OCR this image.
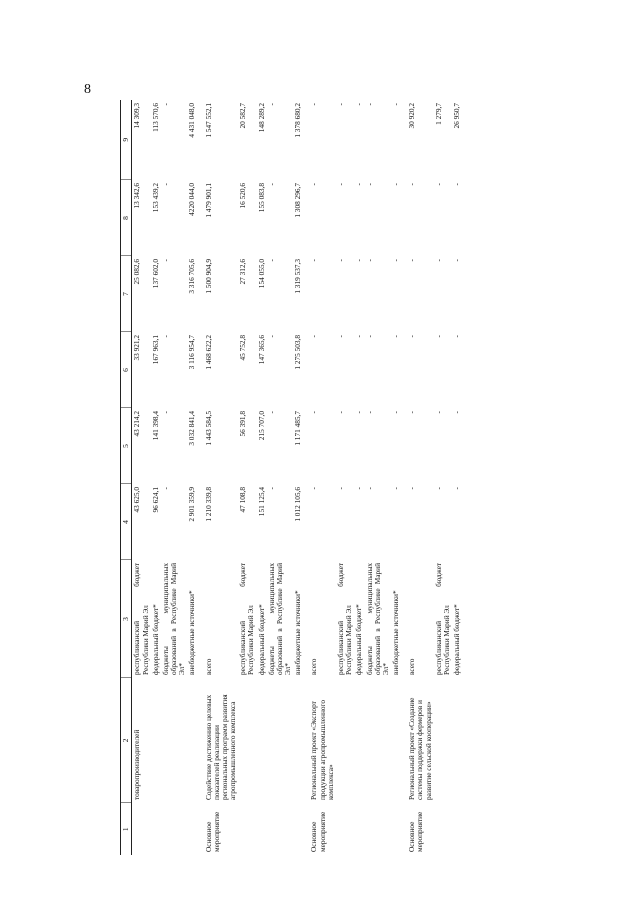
8
1	2	3	4	5	6	7	8	9
	товаропроизводителей	республиканский бюджет Республики Марий Эл	43 625,0	43 214,2	33 921,2	25 082,6	13 342,6	14 309,3
		федеральный бюджет*	96 624,1	141 398,4	167 963,1	137 602,0	153 439,2	113 570,6
		бюджеты муниципальных образований в Республике Марий Эл*	-	-	-	-	-	-
		внебюджетные источники*	2 901 359,9	3 032 841,4	3 116 954,7	3 316 705,6	4220 044,0	4 431 048,0

Основное мероприятие	Содействие достижению целевых показателей реализации региональных программ развития агропромышленного комплекса	всего	1 210 339,8	1 443 584,5	1 468 622,2	1 500 904,9	1 479 901,1	1 547 552,1
		республиканский бюджет Республики Марий Эл	47 108,8	56 391,8	45 752,8	27 312,6	16 520,6	20 582,7
		федеральный бюджет*	151 125,4	215 707,0	147 365,6	154 055,0	155 083,8	148 289,2
		бюджеты муниципальных образований в Республике Марий Эл*	-	-	-	-	-	-
		внебюджетные источники*	1 012 105,6	1 171 485,7	1 275 503,8	1 319 537,3	1 308 296,7	1 378 680,2

Основное мероприятие	Региональный проект «Экспорт продукции агропромышленного комплекса»	всего	-	-	-	-	-	-
		республиканский бюджет Республики Марий Эл	-	-	-	-	-	-
		федеральный бюджет*	-	-	-	-	-	-
		бюджеты муниципальных образований в Республике Марий Эл*	-	-	-	-	-	-
		внебюджетные источники*	-	-	-	-	-	-

Основное мероприятие	Региональный проект «Создание системы поддержки фермеров и развитие сельской кооперации»	всего	-	-	-	-	-	30 920,2
		республиканский бюджет Республики Марий Эл	-	-	-	-	-	1 279,7
		федеральный бюджет*	-	-	-	-	-	26 950,7
